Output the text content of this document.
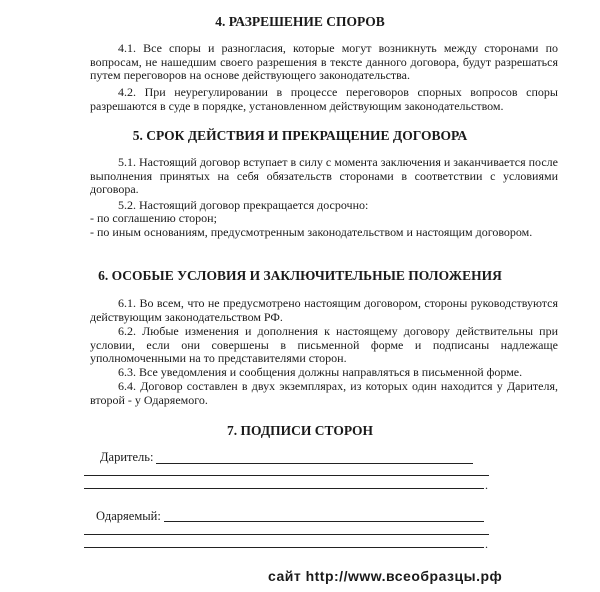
4. РАЗРЕШЕНИЕ СПОРОВ
4.1. Все споры и разногласия, которые могут возникнуть между сторонами по вопросам, не нашедшим своего разрешения в тексте данного договора, будут разрешаться путем переговоров на основе действующего законодательства.
4.2. При неурегулировании в процессе переговоров спорных вопросов споры разрешаются в суде в порядке, установленном действующим законодательством.
5. СРОК ДЕЙСТВИЯ И ПРЕКРАЩЕНИЕ ДОГОВОРА
5.1. Настоящий договор вступает в силу с момента заключения и заканчивается после выполнения принятых на себя обязательств сторонами в соответствии с условиями договора.
5.2. Настоящий договор прекращается досрочно:
- по соглашению сторон;
- по иным основаниям, предусмотренным законодательством и настоящим договором.
6. ОСОБЫЕ УСЛОВИЯ И ЗАКЛЮЧИТЕЛЬНЫЕ ПОЛОЖЕНИЯ
6.1. Во всем, что не предусмотрено настоящим договором, стороны руководствуются действующим законодательством РФ.
6.2. Любые изменения и дополнения к настоящему договору действительны при условии, если они совершены в письменной форме и подписаны надлежаще уполномоченными на то представителями сторон.
6.3. Все уведомления и сообщения должны направляться в письменной форме.
6.4. Договор составлен в двух экземплярах, из которых один находится у Дарителя, второй - у Одаряемого.
7. ПОДПИСИ СТОРОН
Даритель:
.
Одаряемый:
.
сайт http://www.всеобразцы.рф
